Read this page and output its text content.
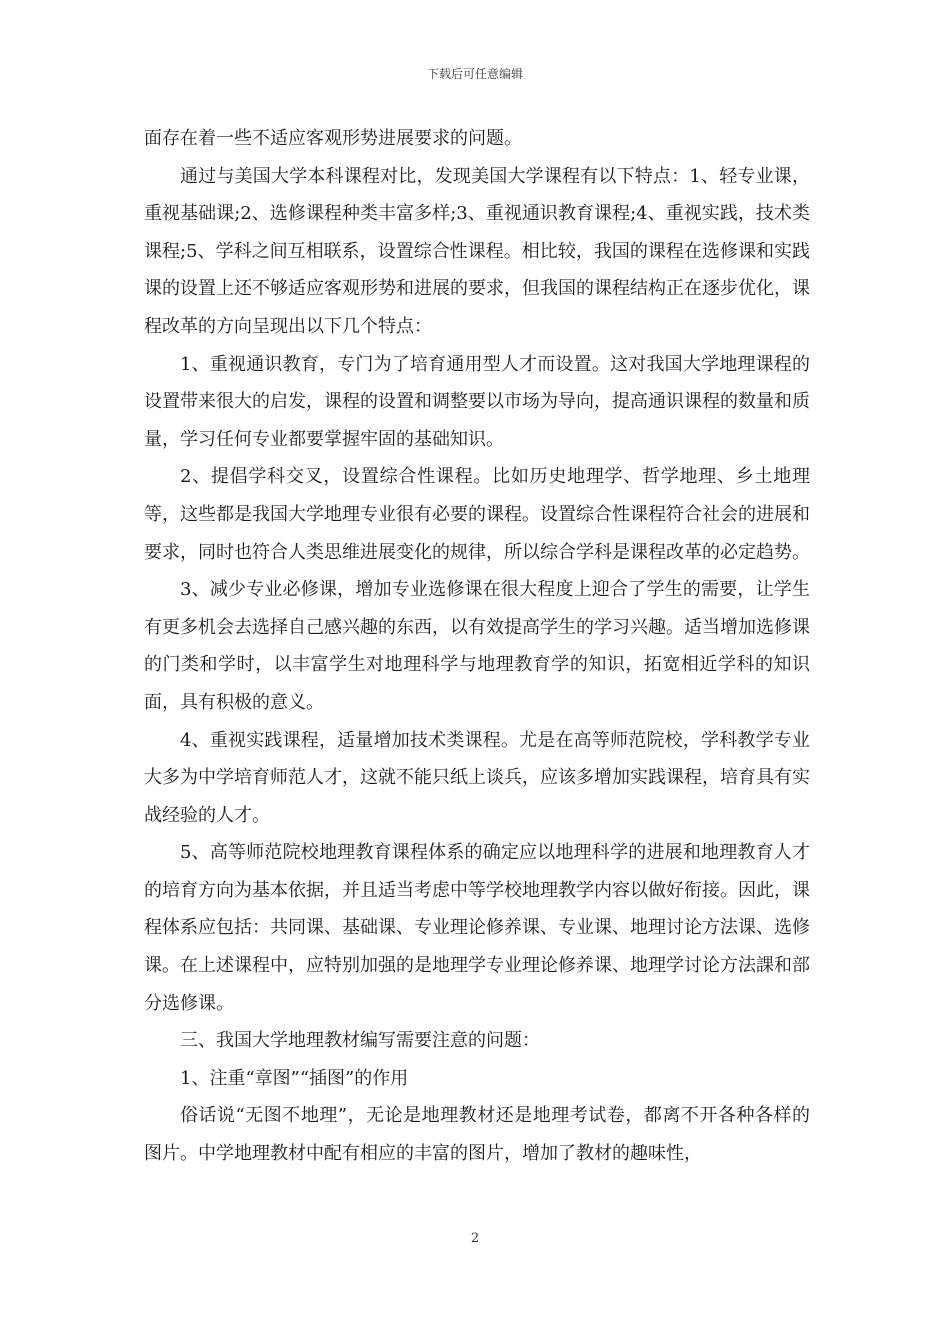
下载后可任意编辑

面存在着一些不适应客观形势进展要求的问题。

通过与美国大学本科课程对比，发现美国大学课程有以下特点：1、轻专业课，重视基础课;2、选修课程种类丰富多样;3、重视通识教育课程;4、重视实践，技术类课程;5、学科之间互相联系，设置综合性课程。相比较，我国的课程在选修课和实践课的设置上还不够适应客观形势和进展的要求，但我国的课程结构正在逐步优化，课程改革的方向呈现出以下几个特点：

1、重视通识教育，专门为了培育通用型人才而设置。这对我国大学地理课程的设置带来很大的启发，课程的设置和调整要以市场为导向，提高通识课程的数量和质量，学习任何专业都要掌握牢固的基础知识。

2、提倡学科交叉，设置综合性课程。比如历史地理学、哲学地理、乡土地理等，这些都是我国大学地理专业很有必要的课程。设置综合性课程符合社会的进展和要求，同时也符合人类思维进展变化的规律，所以综合学科是课程改革的必定趋势。

3、减少专业必修课，增加专业选修课在很大程度上迎合了学生的需要，让学生有更多机会去选择自己感兴趣的东西，以有效提高学生的学习兴趣。适当增加选修课的门类和学时，以丰富学生对地理科学与地理教育学的知识，拓宽相近学科的知识面，具有积极的意义。

4、重视实践课程，适量增加技术类课程。尤是在高等师范院校，学科教学专业大多为中学培育师范人才，这就不能只纸上谈兵，应该多增加实践课程，培育具有实战经验的人才。

5、高等师范院校地理教育课程体系的确定应以地理科学的进展和地理教育人才的培育方向为基本依据，并且适当考虑中等学校地理教学内容以做好衔接。因此，课程体系应包括：共同课、基础课、专业理论修养课、专业课、地理讨论方法课、选修课。在上述课程中，应特别加强的是地理学专业理论修养课、地理学讨论方法課和部分选修课。

三、我国大学地理教材编写需要注意的问题：

1、注重“章图”“插图”的作用

俗话说“无图不地理”，无论是地理教材还是地理考试卷，都离不开各种各样的图片。中学地理教材中配有相应的丰富的图片，增加了教材的趣味性，

2
